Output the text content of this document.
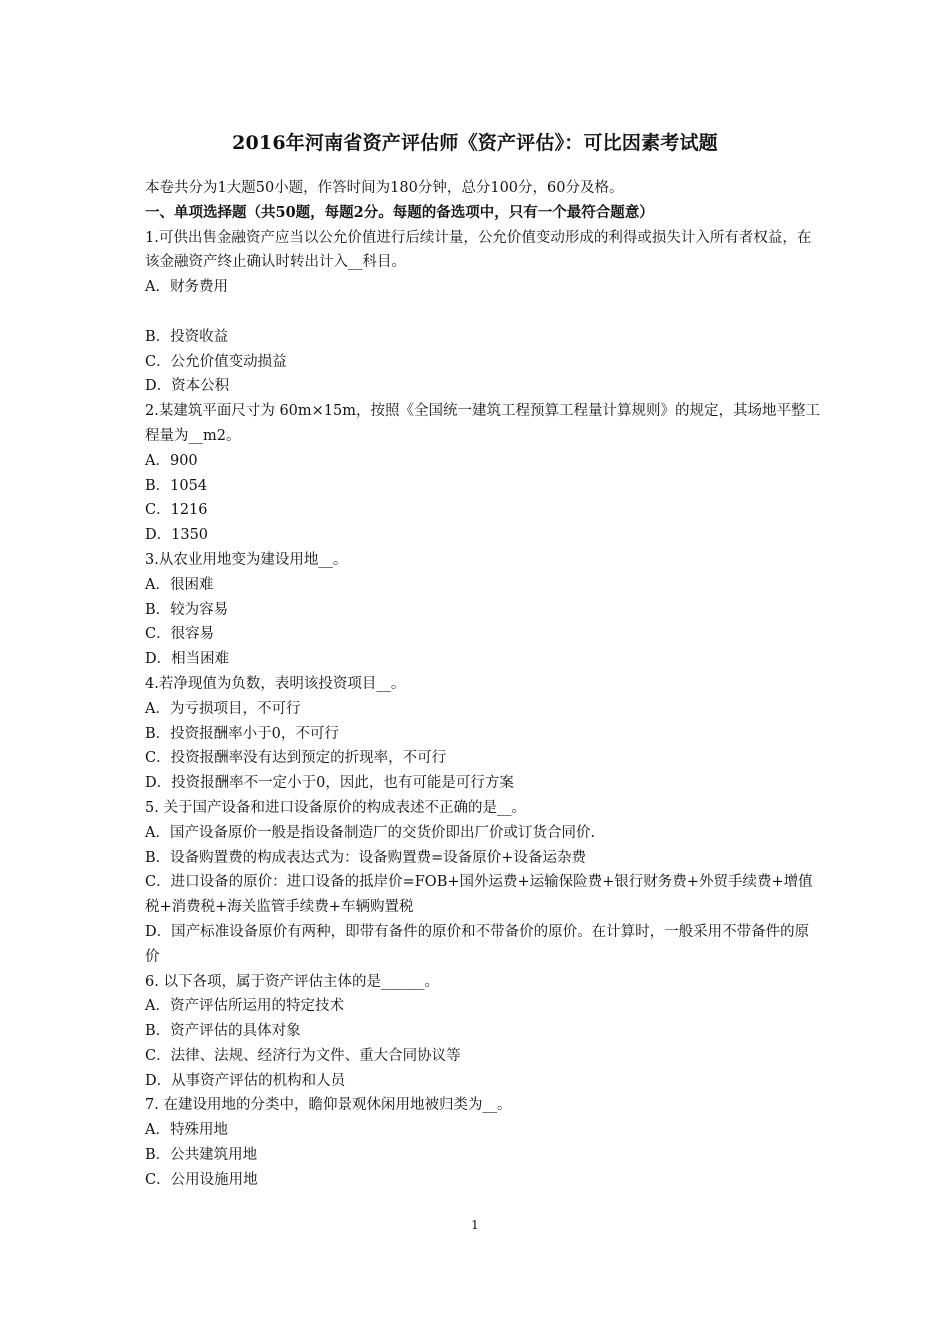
2016年河南省资产评估师《资产评估》：可比因素考试题
本卷共分为1大题50小题，作答时间为180分钟，总分100分，60分及格。
一、单项选择题（共50题，每题2分。每题的备选项中，只有一个最符合题意）
1.可供出售金融资产应当以公允价值进行后续计量，公允价值变动形成的利得或损失计入所有者权益，在该金融资产终止确认时转出计入__科目。
A．财务费用
B．投资收益
C．公允价值变动损益
D．资本公积
2.某建筑平面尺寸为 60m×15m，按照《全国统一建筑工程预算工程量计算规则》的规定，其场地平整工程量为__m2。
A．900
B．1054
C．1216
D．1350
3.从农业用地变为建设用地__。
A．很困难
B．较为容易
C．很容易
D．相当困难
4.若净现值为负数，表明该投资项目__。
A．为亏损项目，不可行
B．投资报酬率小于0，不可行
C．投资报酬率没有达到预定的折现率，不可行
D．投资报酬率不一定小于0，因此，也有可能是可行方案
5. 关于国产设备和进口设备原价的构成表述不正确的是__。
A．国产设备原价一般是指设备制造厂的交货价即出厂价或订货合同价.
B．设备购置费的构成表达式为：设备购置费=设备原价+设备运杂费
C．进口设备的原价：进口设备的抵岸价=FOB+国外运费+运输保险费+银行财务费+外贸手续费+增值税+消费税+海关监管手续费+车辆购置税
D．国产标准设备原价有两种，即带有备件的原价和不带备价的原价。在计算时，一般采用不带备件的原价
6. 以下各项，属于资产评估主体的是______。
A．资产评估所运用的特定技术
B．资产评估的具体对象
C．法律、法规、经济行为文件、重大合同协议等
D．从事资产评估的机构和人员
7. 在建设用地的分类中，瞻仰景观休闲用地被归类为__。
A．特殊用地
B．公共建筑用地
C．公用设施用地
1
